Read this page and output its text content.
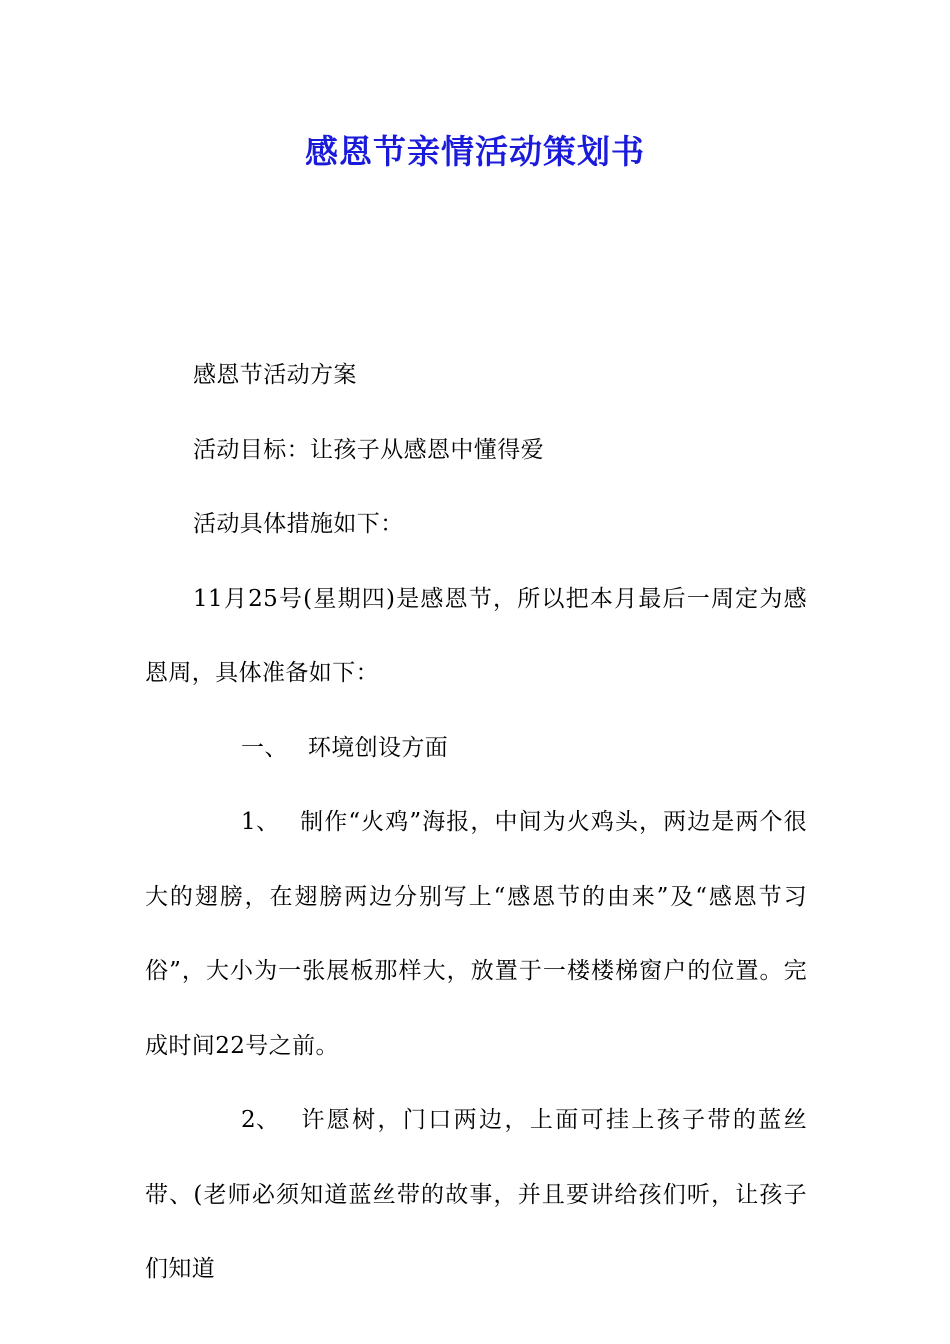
感恩节亲情活动策划书

感恩节活动方案

活动目标：让孩子从感恩中懂得爱

活动具体措施如下：

11月25号(星期四)是感恩节，所以把本月最后一周定为感恩周，具体准备如下：

一、 环境创设方面

1、 制作“火鸡”海报，中间为火鸡头，两边是两个很大的翅膀，在翅膀两边分别写上“感恩节的由来”及“感恩节习俗”，大小为一张展板那样大，放置于一楼楼梯窗户的位置。完成时间22号之前。

2、 许愿树，门口两边，上面可挂上孩子带的蓝丝带、(老师必须知道蓝丝带的故事，并且要讲给孩们听，让孩子们知道
